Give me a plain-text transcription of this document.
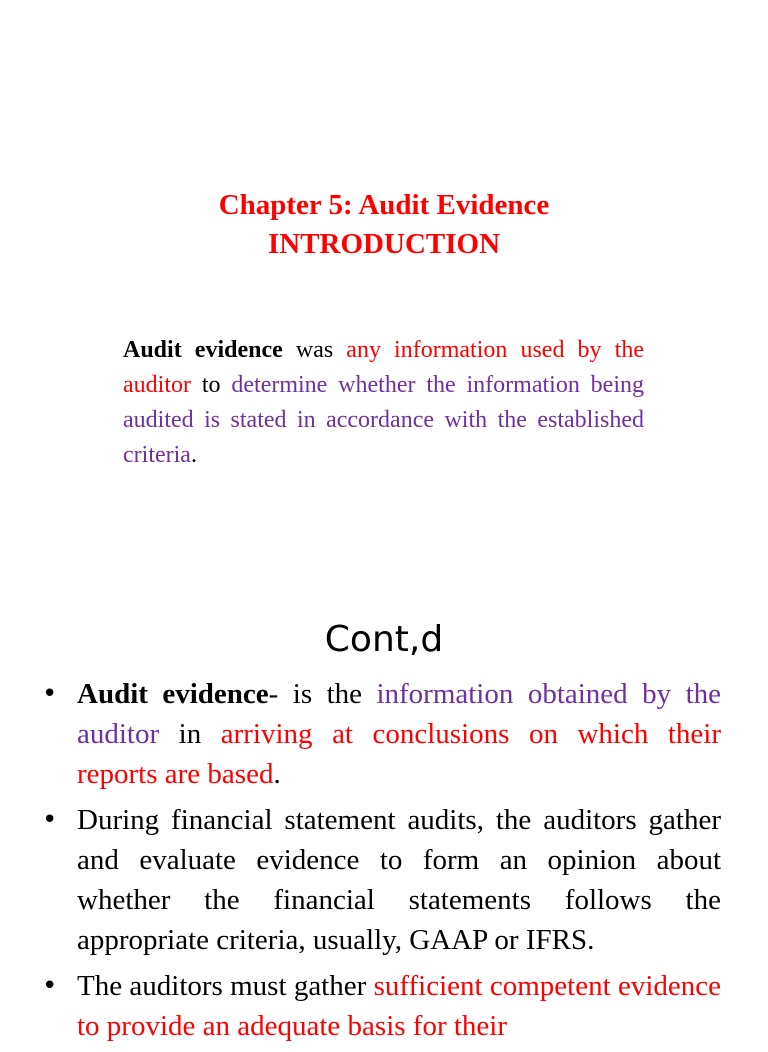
Chapter 5: Audit Evidence
INTRODUCTION
Audit evidence was any information used by the auditor to determine whether the information being audited is stated in accordance with the established criteria.
Cont,d
• Audit evidence- is the information obtained by the auditor in arriving at conclusions on which their reports are based.
• During financial statement audits, the auditors gather and evaluate evidence to form an opinion about whether the financial statements follows the appropriate criteria, usually, GAAP or IFRS.
• The auditors must gather sufficient competent evidence to provide an adequate basis for their
